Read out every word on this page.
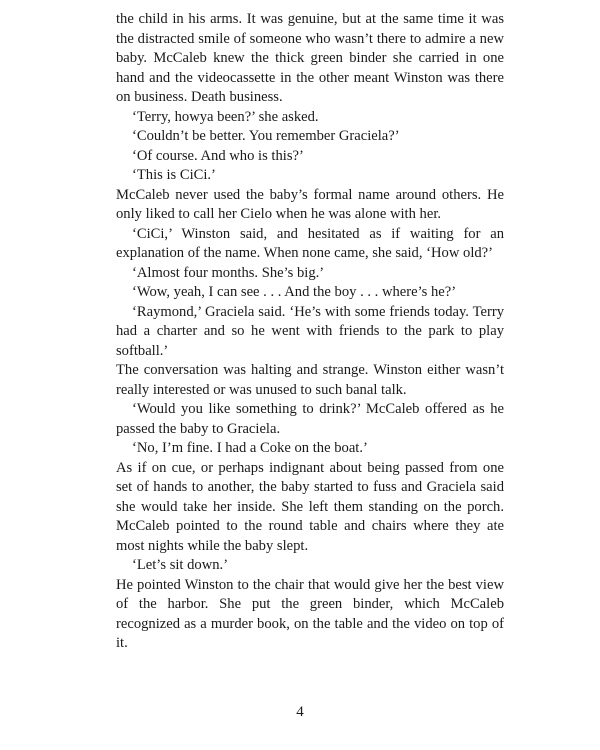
the child in his arms. It was genuine, but at the same time it was the distracted smile of someone who wasn’t there to admire a new baby. McCaleb knew the thick green binder she carried in one hand and the videocassette in the other meant Winston was there on business. Death business.

‘Terry, howya been?’ she asked.

‘Couldn’t be better. You remember Graciela?’

‘Of course. And who is this?’

‘This is CiCi.’

McCaleb never used the baby’s formal name around others. He only liked to call her Cielo when he was alone with her.

‘CiCi,’ Winston said, and hesitated as if waiting for an explanation of the name. When none came, she said, ‘How old?’

‘Almost four months. She’s big.’

‘Wow, yeah, I can see . . . And the boy . . . where’s he?’

‘Raymond,’ Graciela said. ‘He’s with some friends today. Terry had a charter and so he went with friends to the park to play softball.’

The conversation was halting and strange. Winston either wasn’t really interested or was unused to such banal talk.

‘Would you like something to drink?’ McCaleb offered as he passed the baby to Graciela.

‘No, I’m fine. I had a Coke on the boat.’

As if on cue, or perhaps indignant about being passed from one set of hands to another, the baby started to fuss and Graciela said she would take her inside. She left them standing on the porch. McCaleb pointed to the round table and chairs where they ate most nights while the baby slept.

‘Let’s sit down.’

He pointed Winston to the chair that would give her the best view of the harbor. She put the green binder, which McCaleb recognized as a murder book, on the table and the video on top of it.

4
